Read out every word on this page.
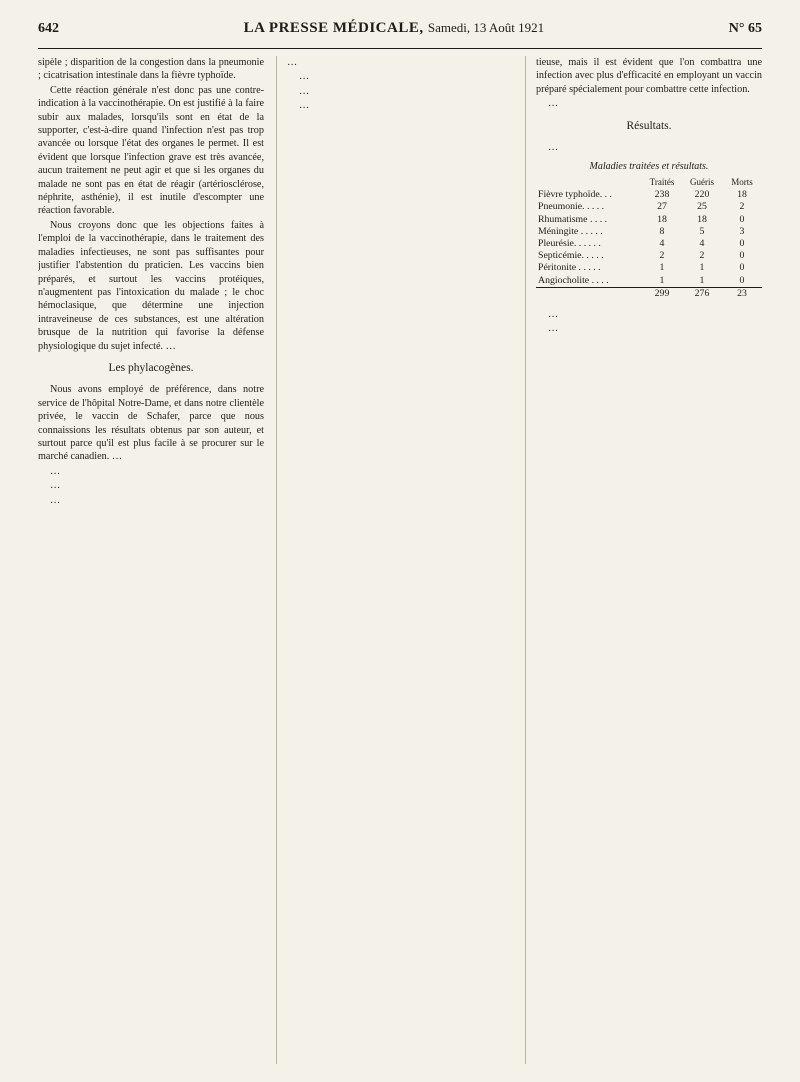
642	LA PRESSE MÉDICALE, Samedi, 13 Août 1921	N° 65

sipèle ; disparition de la congestion dans la pneumonie ; cicatrisation intestinale dans la fièvre typhoïde.

Cette réaction générale n'est donc pas une contre-indication à la vaccinothérapie. On est justifié à la faire subir aux malades, lorsqu'ils sont en état de la supporter, c'est-à-dire quand l'infection n'est pas trop avancée ou lorsque l'état des organes le permet. Il est évident que lorsque l'infection grave est très avancée, aucun traitement ne peut agir et que si les organes du malade ne sont pas en état de réagir (artériosclérose, néphrite, asthénie), il est inutile d'escompter une réaction favorable.

Nous croyons donc que les objections faites à l'emploi de la vaccinothérapie, dans le traitement des maladies infectieuses, ne sont pas suffisantes pour justifier l'abstention du praticien. Les vaccins bien préparés, et surtout les vaccins protéiques, n'augmentent pas l'intoxication du malade ; le choc hémoclasique, que détermine une injection intraveineuse de ces substances, est une altération brusque de la nutrition qui favorise la défense physiologique du sujet infecté. …

Les phylacogènes.

Nous avons employé de préférence, dans notre service de l'hôpital Notre-Dame, et dans notre clientèle privée, le vaccin de Schafer, parce que nous connaissions les résultats obtenus par son auteur, et surtout parce qu'il est plus facile à se procurer sur le marché canadien. …

…

…

…

…

…

…

…

tieuse, mais il est évident que l'on combattra une infection avec plus d'efficacité en employant un vaccin préparé spécialement pour combattre cette infection.

…

Résultats.

…

Maladies traitées et résultats.
	Traités	Guéris	Morts
Fièvre typhoïde. . .	238	220	18
Pneumonie. . . . .	27	25	2
Rhumatisme . . . .	18	18	0
Méningite . . . . .	8	5	3
Pleurésie. . . . . .	4	4	0
Septicémie. . . . .	2	2	0
Péritonite . . . . .	1	1	0
Angiocholite . . . .	1	1	0
	299	276	23

…

…
